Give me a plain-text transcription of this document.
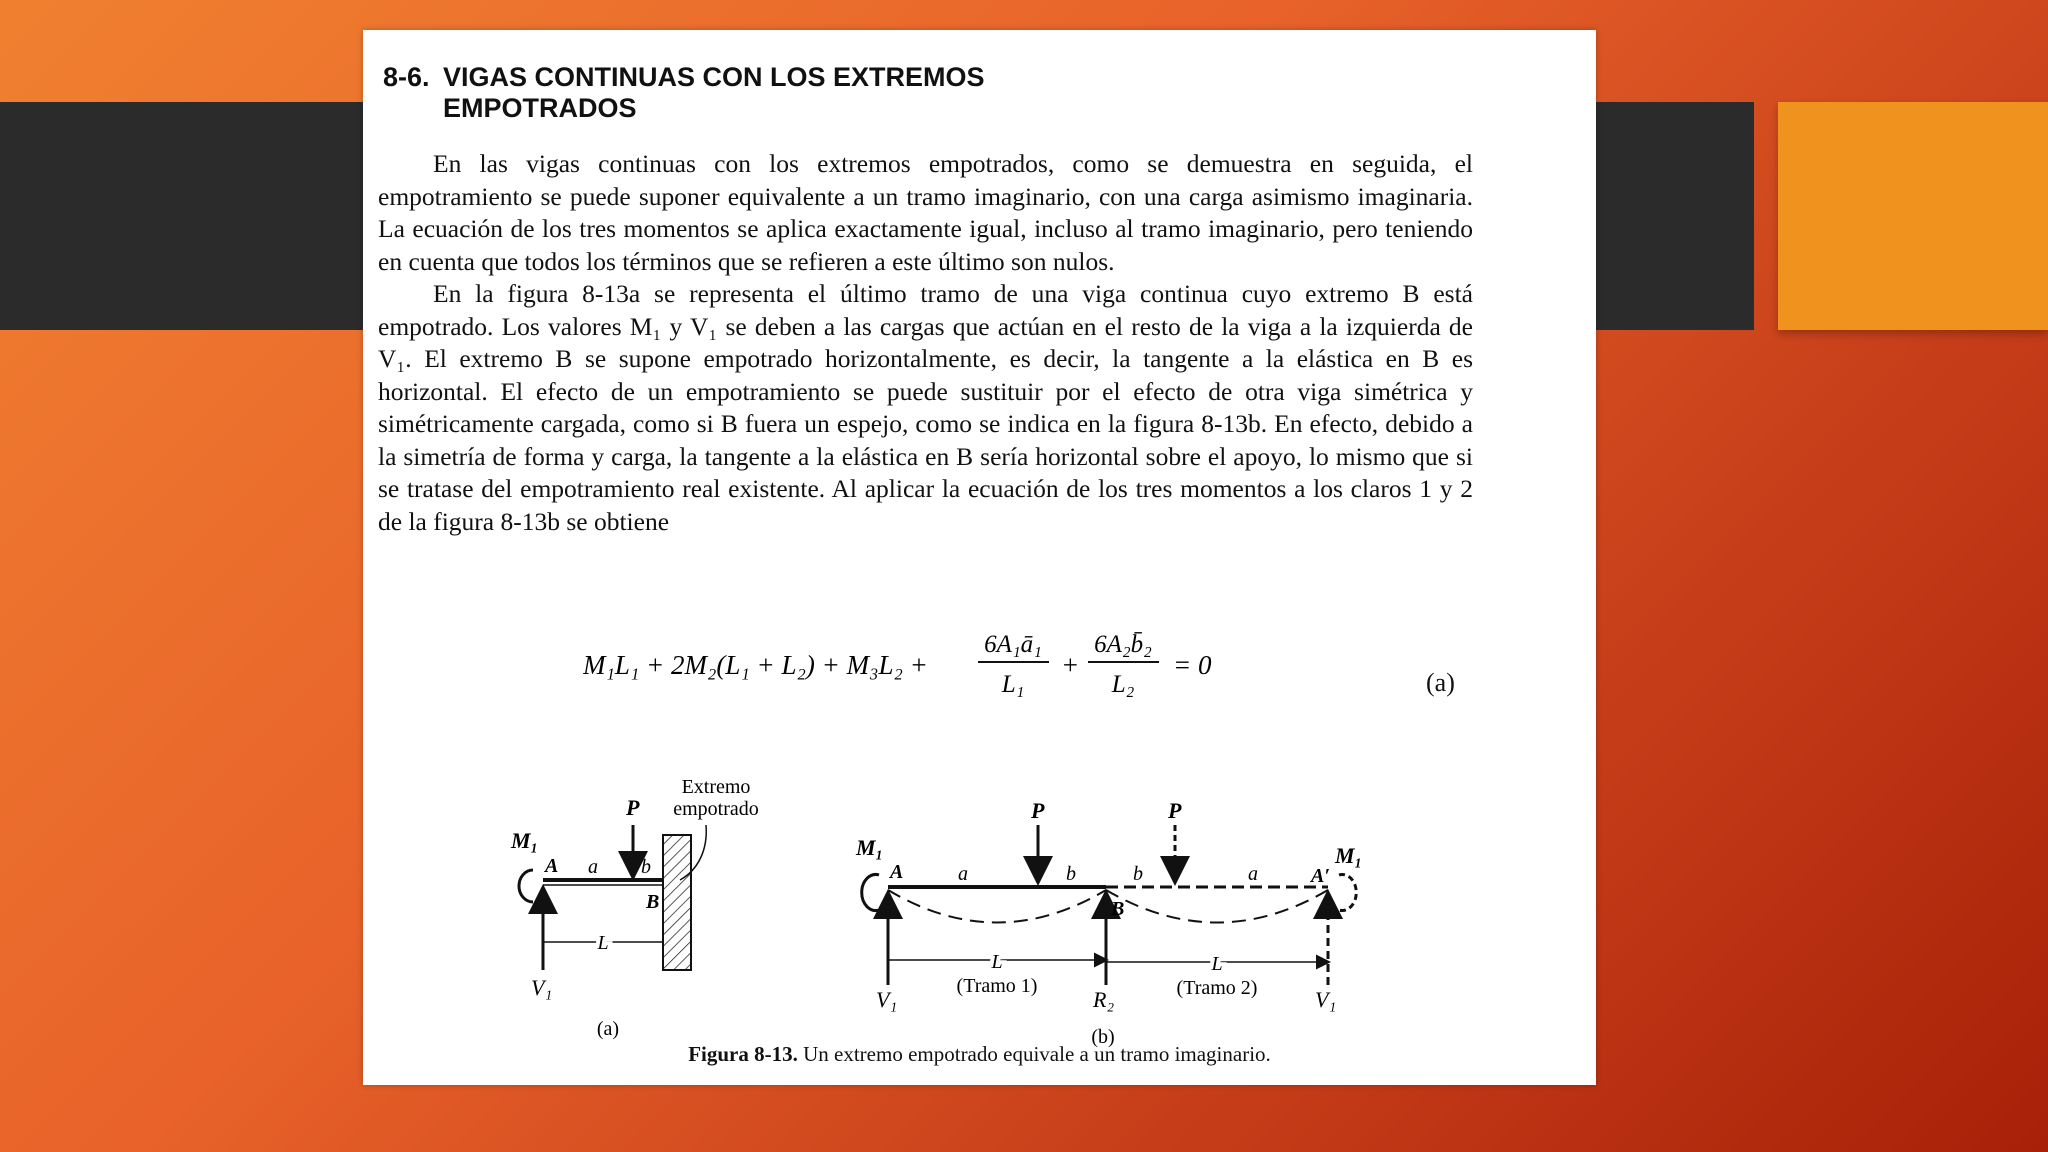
8-6. VIGAS CONTINUAS CON LOS EXTREMOS EMPOTRADOS

En las vigas continuas con los extremos empotrados, como se demuestra en seguida, el empotramiento se puede suponer equivalente a un tramo imaginario, con una carga asimismo imaginaria. La ecuación de los tres momentos se aplica exactamente igual, incluso al tramo imaginario, pero teniendo en cuenta que todos los términos que se refieren a este último son nulos.

En la figura 8-13a se representa el último tramo de una viga continua cuyo extremo B está empotrado. Los valores M₁ y V₁ se deben a las cargas que actúan en el resto de la viga a la izquierda de V₁. El extremo B se supone empotrado horizontalmente, es decir, la tangente a la elástica en B es horizontal. El efecto de un empotramiento se puede sustituir por el efecto de otra viga simétrica y simétricamente cargada, como si B fuera un espejo, como se indica en la figura 8-13b. En efecto, debido a la simetría de forma y carga, la tangente a la elástica en B sería horizontal sobre el apoyo, lo mismo que si se tratase del empotramiento real existente. Al aplicar la ecuación de los tres momentos a los claros 1 y 2 de la figura 8-13b se obtiene

M₁L₁ + 2M₂(L₁ + L₂) + M₃L₂ +
6A₁ā₁
L₁
+
6A₂b̄₂
L₂
= 0
(a)
Extremo empotrado
M₁
A a b
P
B
L
V₁
(a)
M₁	M₁
A	A′
a	b	b	a
P	P
B
L	L
(Tramo 1)	(Tramo 2)
V₁	R₂	V₁
(b)
Figura 8-13. Un extremo empotrado equivale a un tramo imaginario.
